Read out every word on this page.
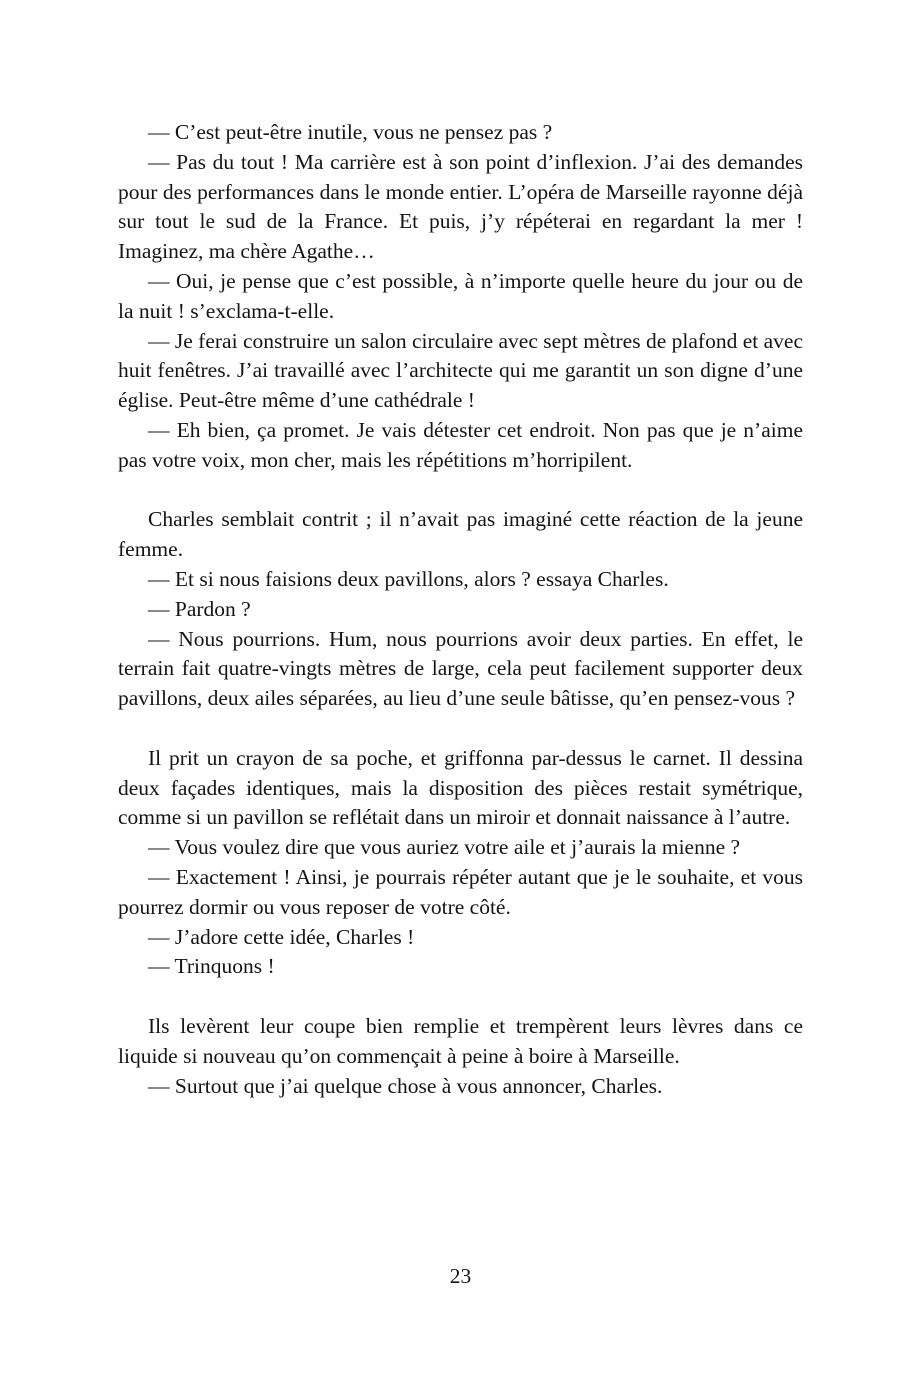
— C’est peut-être inutile, vous ne pensez pas ?

— Pas du tout ! Ma carrière est à son point d’inflexion. J’ai des demandes pour des performances dans le monde entier. L’opéra de Marseille rayonne déjà sur tout le sud de la France. Et puis, j’y répéterai en regardant la mer ! Imaginez, ma chère Agathe…

— Oui, je pense que c’est possible, à n’importe quelle heure du jour ou de la nuit ! s’exclama-t-elle.

— Je ferai construire un salon circulaire avec sept mètres de plafond et avec huit fenêtres. J’ai travaillé avec l’architecte qui me garantit un son digne d’une église. Peut-être même d’une cathédrale !

— Eh bien, ça promet. Je vais détester cet endroit. Non pas que je n’aime pas votre voix, mon cher, mais les répétitions m’horripilent.

Charles semblait contrit ; il n’avait pas imaginé cette réaction de la jeune femme.

— Et si nous faisions deux pavillons, alors ? essaya Charles.

— Pardon ?

— Nous pourrions. Hum, nous pourrions avoir deux parties. En effet, le terrain fait quatre-vingts mètres de large, cela peut facilement supporter deux pavillons, deux ailes séparées, au lieu d’une seule bâtisse, qu’en pensez-vous ?

Il prit un crayon de sa poche, et griffonna par-dessus le carnet. Il dessina deux façades identiques, mais la disposition des pièces restait symétrique, comme si un pavillon se reflétait dans un miroir et donnait naissance à l’autre.

— Vous voulez dire que vous auriez votre aile et j’aurais la mienne ?

— Exactement ! Ainsi, je pourrais répéter autant que je le souhaite, et vous pourrez dormir ou vous reposer de votre côté.

— J’adore cette idée, Charles !

— Trinquons !

Ils levèrent leur coupe bien remplie et trempèrent leurs lèvres dans ce liquide si nouveau qu’on commençait à peine à boire à Marseille.

— Surtout que j’ai quelque chose à vous annoncer, Charles.

23
